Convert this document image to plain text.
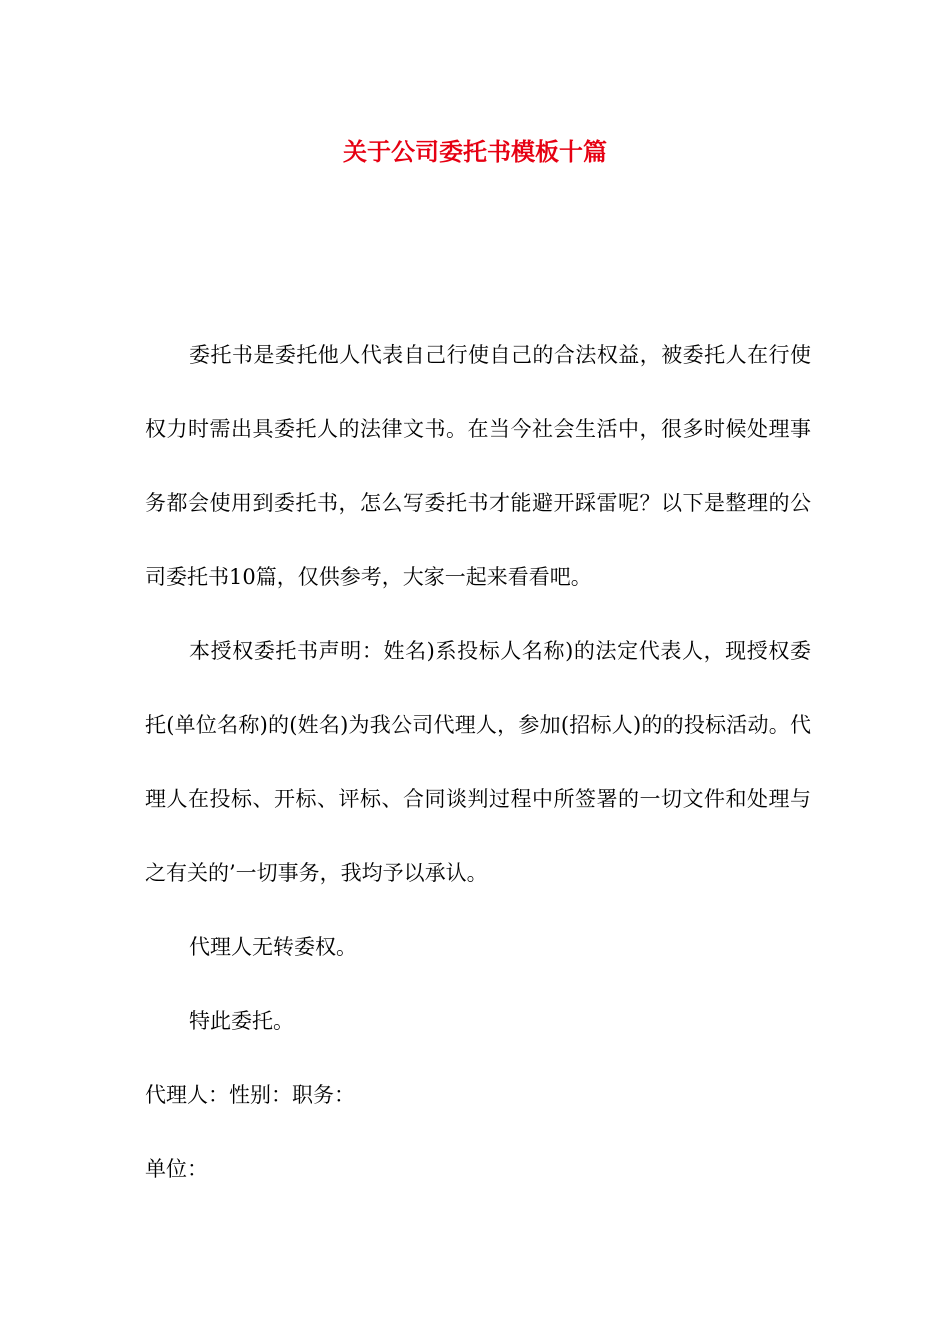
关于公司委托书模板十篇

委托书是委托他人代表自己行使自己的合法权益，被委托人在行使权力时需出具委托人的法律文书。在当今社会生活中，很多时候处理事务都会使用到委托书，怎么写委托书才能避开踩雷呢？以下是整理的公司委托书10篇，仅供参考，大家一起来看看吧。

本授权委托书声明：姓名)系投标人名称)的法定代表人，现授权委托(单位名称)的(姓名)为我公司代理人，参加(招标人)的的投标活动。代理人在投标、开标、评标、合同谈判过程中所签署的一切文件和处理与之有关的’一切事务，我均予以承认。

代理人无转委权。

特此委托。

代理人：性别：职务：

单位：
